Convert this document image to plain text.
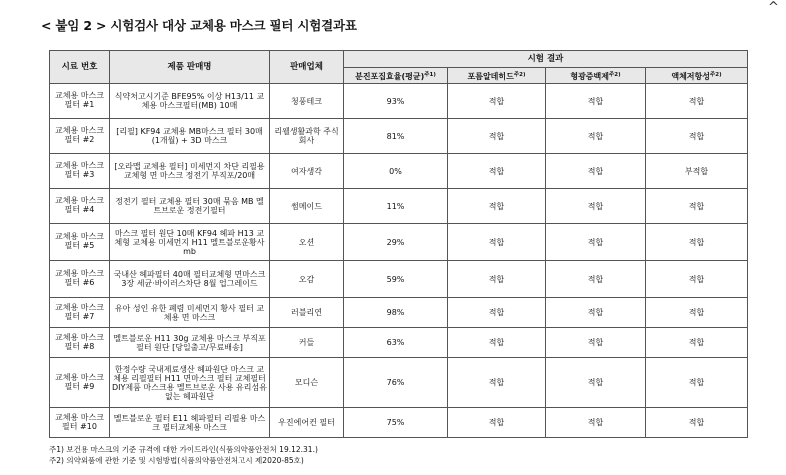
< 붙임 2 > 시험검사 대상 교체용 마스크 필터 시험결과표
^
시료 번호	제품 판매명	판매업체	시험 결과			
			분진포집효율(평균)$^{주1)}$	포름알데히드$^{주2)}$	형광증백제$^{주2)}$	액체저항성$^{주2)}$
교체용 마스크 필터 #1	식약처고시기준 BFE95% 이상 H13/11 교체용 마스크필터(MB) 10매	청풍테크	93%	적합	적합	적합
교체용 마스크 필터 #2	[리필] KF94 교체용 MB마스크 필터 30매 (1개월) + 3D 마스크	리웰생활과학 주식회사	81%	적합	적합	적합
교체용 마스크 필터 #3	[오라맵 교체용 필터] 미세먼지 차단 리필용 교체형 면 마스크 정전기 부직포/20매	여자생각	0%	적합	적합	부적합
교체용 마스크 필터 #4	정전기 필터 교체용 필터 30매 묶음 MB 멜트브로운 정전기필터	썸메이드	11%	적합	적합	적합
교체용 마스크 필터 #5	마스크 필터 원단 10매 KF94 헤파 H13 교체형 교체용 미세먼지 H11 멜트블로운황사 mb	오션	29%	적합	적합	적합
교체용 마스크 필터 #6	국내산 헤파필터 40매 필터교체형 면마스크3장 세균·바이러스차단 8월 업그레이드	오감	59%	적합	적합	적합
교체용 마스크 필터 #7	유아 성인 유한 폐렴 미세먼지 황사 필터 교체용 면 마스크	러블리연	98%	적합	적합	적합
교체용 마스크 필터 #8	멜트블로운 H11 30g 교체용 마스크 부직포 필터 원단 [당일출고/무료배송]	커들	63%	적합	적합	적합
교체용 마스크 필터 #9	한정수량 국내제료생산 헤파원단 마스크 교체용 리필필터 H11 면마스크 필터 교체필터DIY제품 마스크용 멜트브로운 사용 유리섬유없는 헤파원단	모디슨	76%	적합	적합	적합
교체용 마스크 필터 #10	멜트블로운 필터 E11 헤파필터 리필용 마스크 필터교체용 마스크	우진에어컨 필터	75%	적합	적합	적합
주1) 보건용 마스크의 기준 규격에 대한 가이드라인(식품의약품안전처 19.12.31.)
주2) 의약외품에 관한 기준 및 시험방법(식품의약품안전처고시 제2020-85호)
